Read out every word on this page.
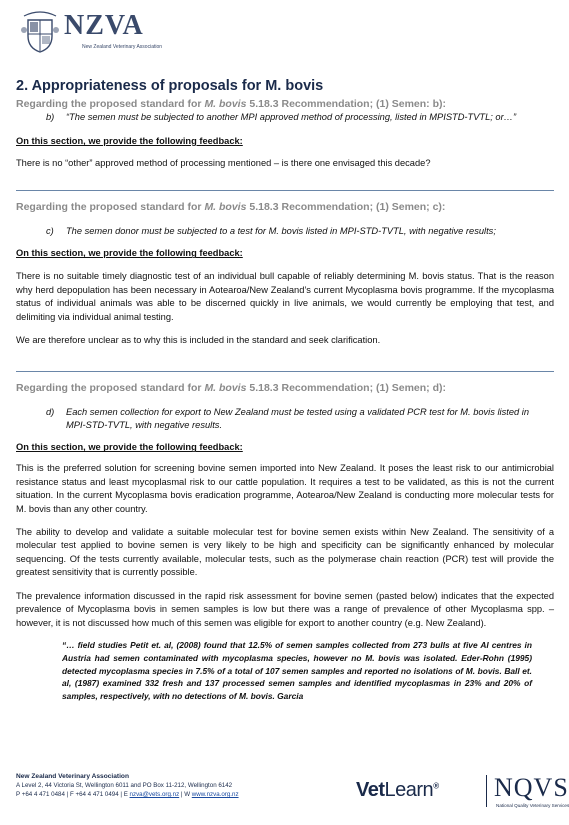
NZVA
New Zealand Veterinary Association
2. Appropriateness of proposals for M. bovis
Regarding the proposed standard for M. bovis 5.18.3 Recommendation; (1) Semen: b):
b) “The semen must be subjected to another MPI approved method of processing, listed in MPISTD-TVTL; or…”
On this section, we provide the following feedback:
There is no “other” approved method of processing mentioned – is there one envisaged this decade?
Regarding the proposed standard for M. bovis 5.18.3 Recommendation; (1) Semen; c):
c) The semen donor must be subjected to a test for M. bovis listed in MPI-STD-TVTL, with negative results;
On this section, we provide the following feedback:
There is no suitable timely diagnostic test of an individual bull capable of reliably determining M. bovis status. That is the reason why herd depopulation has been necessary in Aotearoa/New Zealand’s current Mycoplasma bovis programme. If the mycoplasma status of individual animals was able to be discerned quickly in live animals, we would currently be employing that test, and delimiting via individual animal testing.
We are therefore unclear as to why this is included in the standard and seek clarification.
Regarding the proposed standard for M. bovis 5.18.3 Recommendation; (1) Semen; d):
d) Each semen collection for export to New Zealand must be tested using a validated PCR test for M. bovis listed in MPI-STD-TVTL, with negative results.
On this section, we provide the following feedback:
This is the preferred solution for screening bovine semen imported into New Zealand. It poses the least risk to our antimicrobial resistance status and least mycoplasmal risk to our cattle population. It requires a test to be validated, as this is not the current situation. In the current Mycoplasma bovis eradication programme, Aotearoa/New Zealand is conducting more molecular tests for M. bovis than any other country.
The ability to develop and validate a suitable molecular test for bovine semen exists within New Zealand. The sensitivity of a molecular test applied to bovine semen is very likely to be high and specificity can be significantly enhanced by molecular sequencing. Of the tests currently available, molecular tests, such as the polymerase chain reaction (PCR) test will provide the greatest sensitivity that is currently possible.
The prevalence information discussed in the rapid risk assessment for bovine semen (pasted below) indicates that the expected prevalence of Mycoplasma bovis in semen samples is low but there was a range of prevalence of other Mycoplasma spp. – however, it is not discussed how much of this semen was eligible for export to another country (e.g. New Zealand).
“… field studies Petit et. al, (2008) found that 12.5% of semen samples collected from 273 bulls at five AI centres in Austria had semen contaminated with mycoplasma species, however no M. bovis was isolated. Eder-Rohn (1995) detected mycoplasma species in 7.5% of a total of 107 semen samples and reported no isolations of M. bovis. Ball et. al, (1987) examined 332 fresh and 137 processed semen samples and identified mycoplasmas in 23% and 20% of samples, respectively, with no detections of M. bovis. Garcia
New Zealand Veterinary Association
A Level 2, 44 Victoria St, Wellington 6011 and PO Box 11-212, Wellington 6142
P +64 4 471 0484 | F +64 4 471 0494 | E nzva@vets.org.nz | W www.nzva.org.nz	VetLearn® NQVS
National Quality Veterinary Services
